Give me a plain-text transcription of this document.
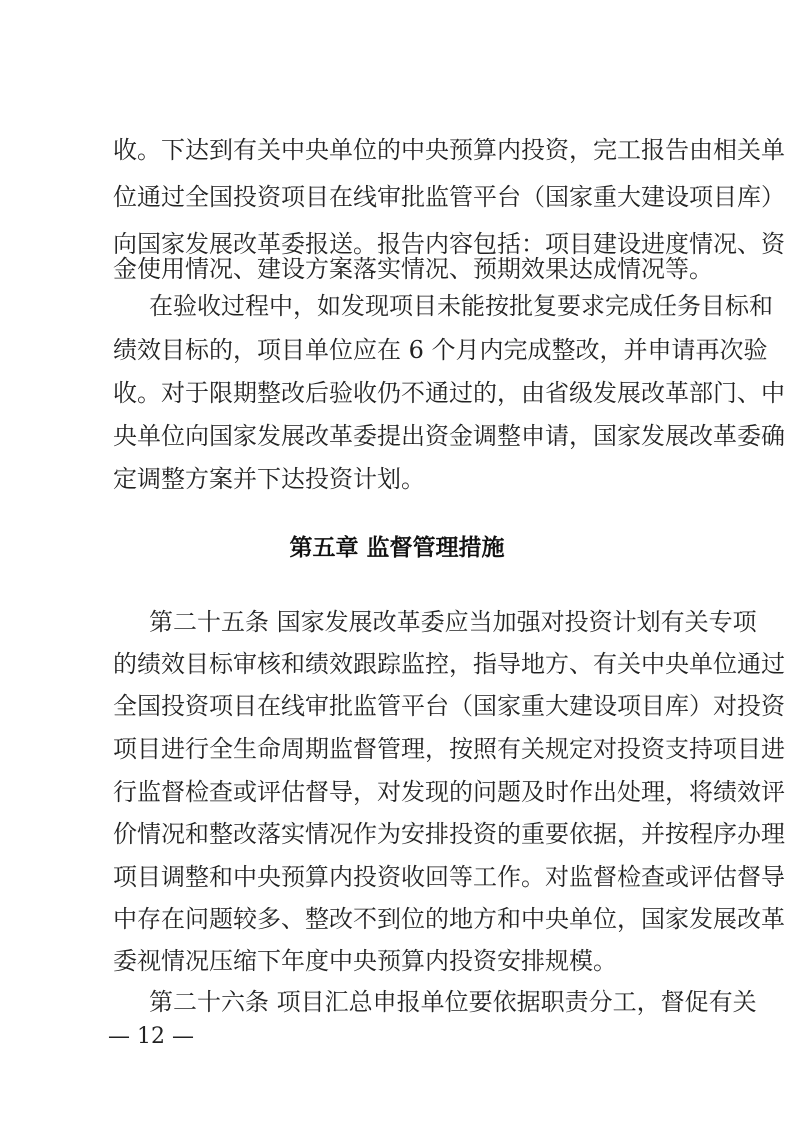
收。下达到有关中央单位的中央预算内投资，完工报告由相关单
位通过全国投资项目在线审批监管平台（国家重大建设项目库）
向国家发展改革委报送。报告内容包括：项目建设进度情况、资
金使用情况、建设方案落实情况、预期效果达成情况等。
在验收过程中，如发现项目未能按批复要求完成任务目标和
绩效目标的，项目单位应在 6 个月内完成整改，并申请再次验
收。对于限期整改后验收仍不通过的，由省级发展改革部门、中
央单位向国家发展改革委提出资金调整申请，国家发展改革委确
定调整方案并下达投资计划。
第五章 监督管理措施
第二十五条 国家发展改革委应当加强对投资计划有关专项
的绩效目标审核和绩效跟踪监控，指导地方、有关中央单位通过
全国投资项目在线审批监管平台（国家重大建设项目库）对投资
项目进行全生命周期监督管理，按照有关规定对投资支持项目进
行监督检查或评估督导，对发现的问题及时作出处理，将绩效评
价情况和整改落实情况作为安排投资的重要依据，并按程序办理
项目调整和中央预算内投资收回等工作。对监督检查或评估督导
中存在问题较多、整改不到位的地方和中央单位，国家发展改革
委视情况压缩下年度中央预算内投资安排规模。
第二十六条 项目汇总申报单位要依据职责分工，督促有关
— 12 —
